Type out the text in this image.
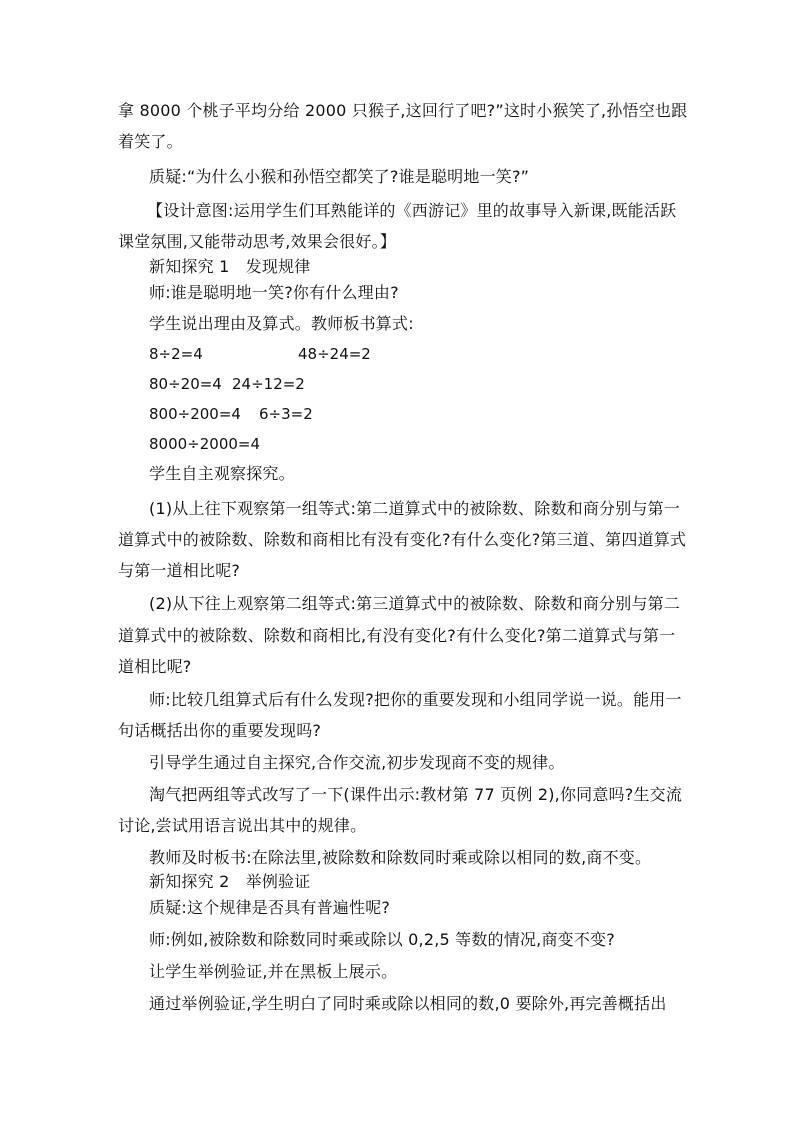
拿 8000 个桃子平均分给 2000 只猴子,这回行了吧?”这时小猴笑了,孙悟空也跟
着笑了。
质疑:“为什么小猴和孙悟空都笑了?谁是聪明地一笑?”
【设计意图:运用学生们耳熟能详的《西游记》里的故事导入新课,既能活跃
课堂氛围,又能带动思考,效果会很好。】
新知探究 1　发现规律
师:谁是聪明地一笑?你有什么理由?
学生说出理由及算式。教师板书算式:
8÷2=4	48÷24=2
80÷20=4 24÷12=2
800÷200=4 6÷3=2
8000÷2000=4
学生自主观察探究。
(1)从上往下观察第一组等式:第二道算式中的被除数、除数和商分别与第一
道算式中的被除数、除数和商相比有没有变化?有什么变化?第三道、第四道算式
与第一道相比呢?
(2)从下往上观察第二组等式:第三道算式中的被除数、除数和商分别与第二
道算式中的被除数、除数和商相比,有没有变化?有什么变化?第二道算式与第一
道相比呢?
师:比较几组算式后有什么发现?把你的重要发现和小组同学说一说。能用一
句话概括出你的重要发现吗?
引导学生通过自主探究,合作交流,初步发现商不变的规律。
淘气把两组等式改写了一下(课件出示:教材第 77 页例 2),你同意吗?生交流
讨论,尝试用语言说出其中的规律。
教师及时板书:在除法里,被除数和除数同时乘或除以相同的数,商不变。
新知探究 2　举例验证
质疑:这个规律是否具有普遍性呢?
师:例如,被除数和除数同时乘或除以 0,2,5 等数的情况,商变不变?
让学生举例验证,并在黑板上展示。
通过举例验证,学生明白了同时乘或除以相同的数,0 要除外,再完善概括出
